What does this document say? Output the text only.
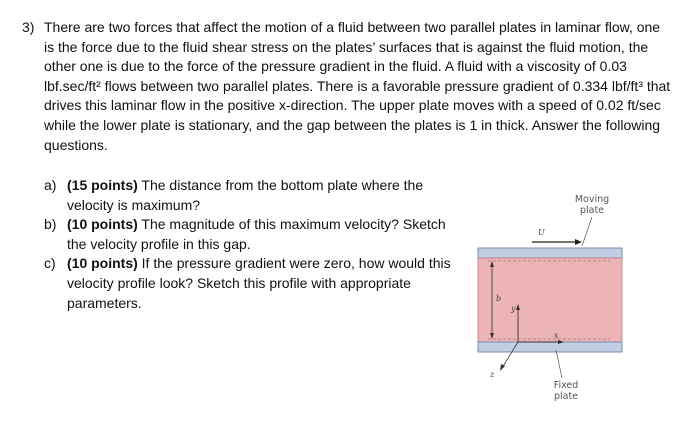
3) There are two forces that affect the motion of a fluid between two parallel plates in laminar flow, one is the force due to the fluid shear stress on the plates’ surfaces that is against the fluid motion, the other one is due to the force of the pressure gradient in the fluid. A fluid with a viscosity of 0.03 lbf.sec/ft² flows between two parallel plates. There is a favorable pressure gradient of 0.334 lbf/ft³ that drives this laminar flow in the positive x-direction. The upper plate moves with a speed of 0.02 ft/sec while the lower plate is stationary, and the gap between the plates is 1 in thick. Answer the following questions.

a) (15 points) The distance from the bottom plate where the velocity is maximum?
b) (10 points) The magnitude of this maximum velocity? Sketch the velocity profile in this gap.
c) (10 points) If the pressure gradient were zero, how would this velocity profile look? Sketch this profile with appropriate parameters.
Moving
plate
Fixed
plate
U
b
y
x
z
